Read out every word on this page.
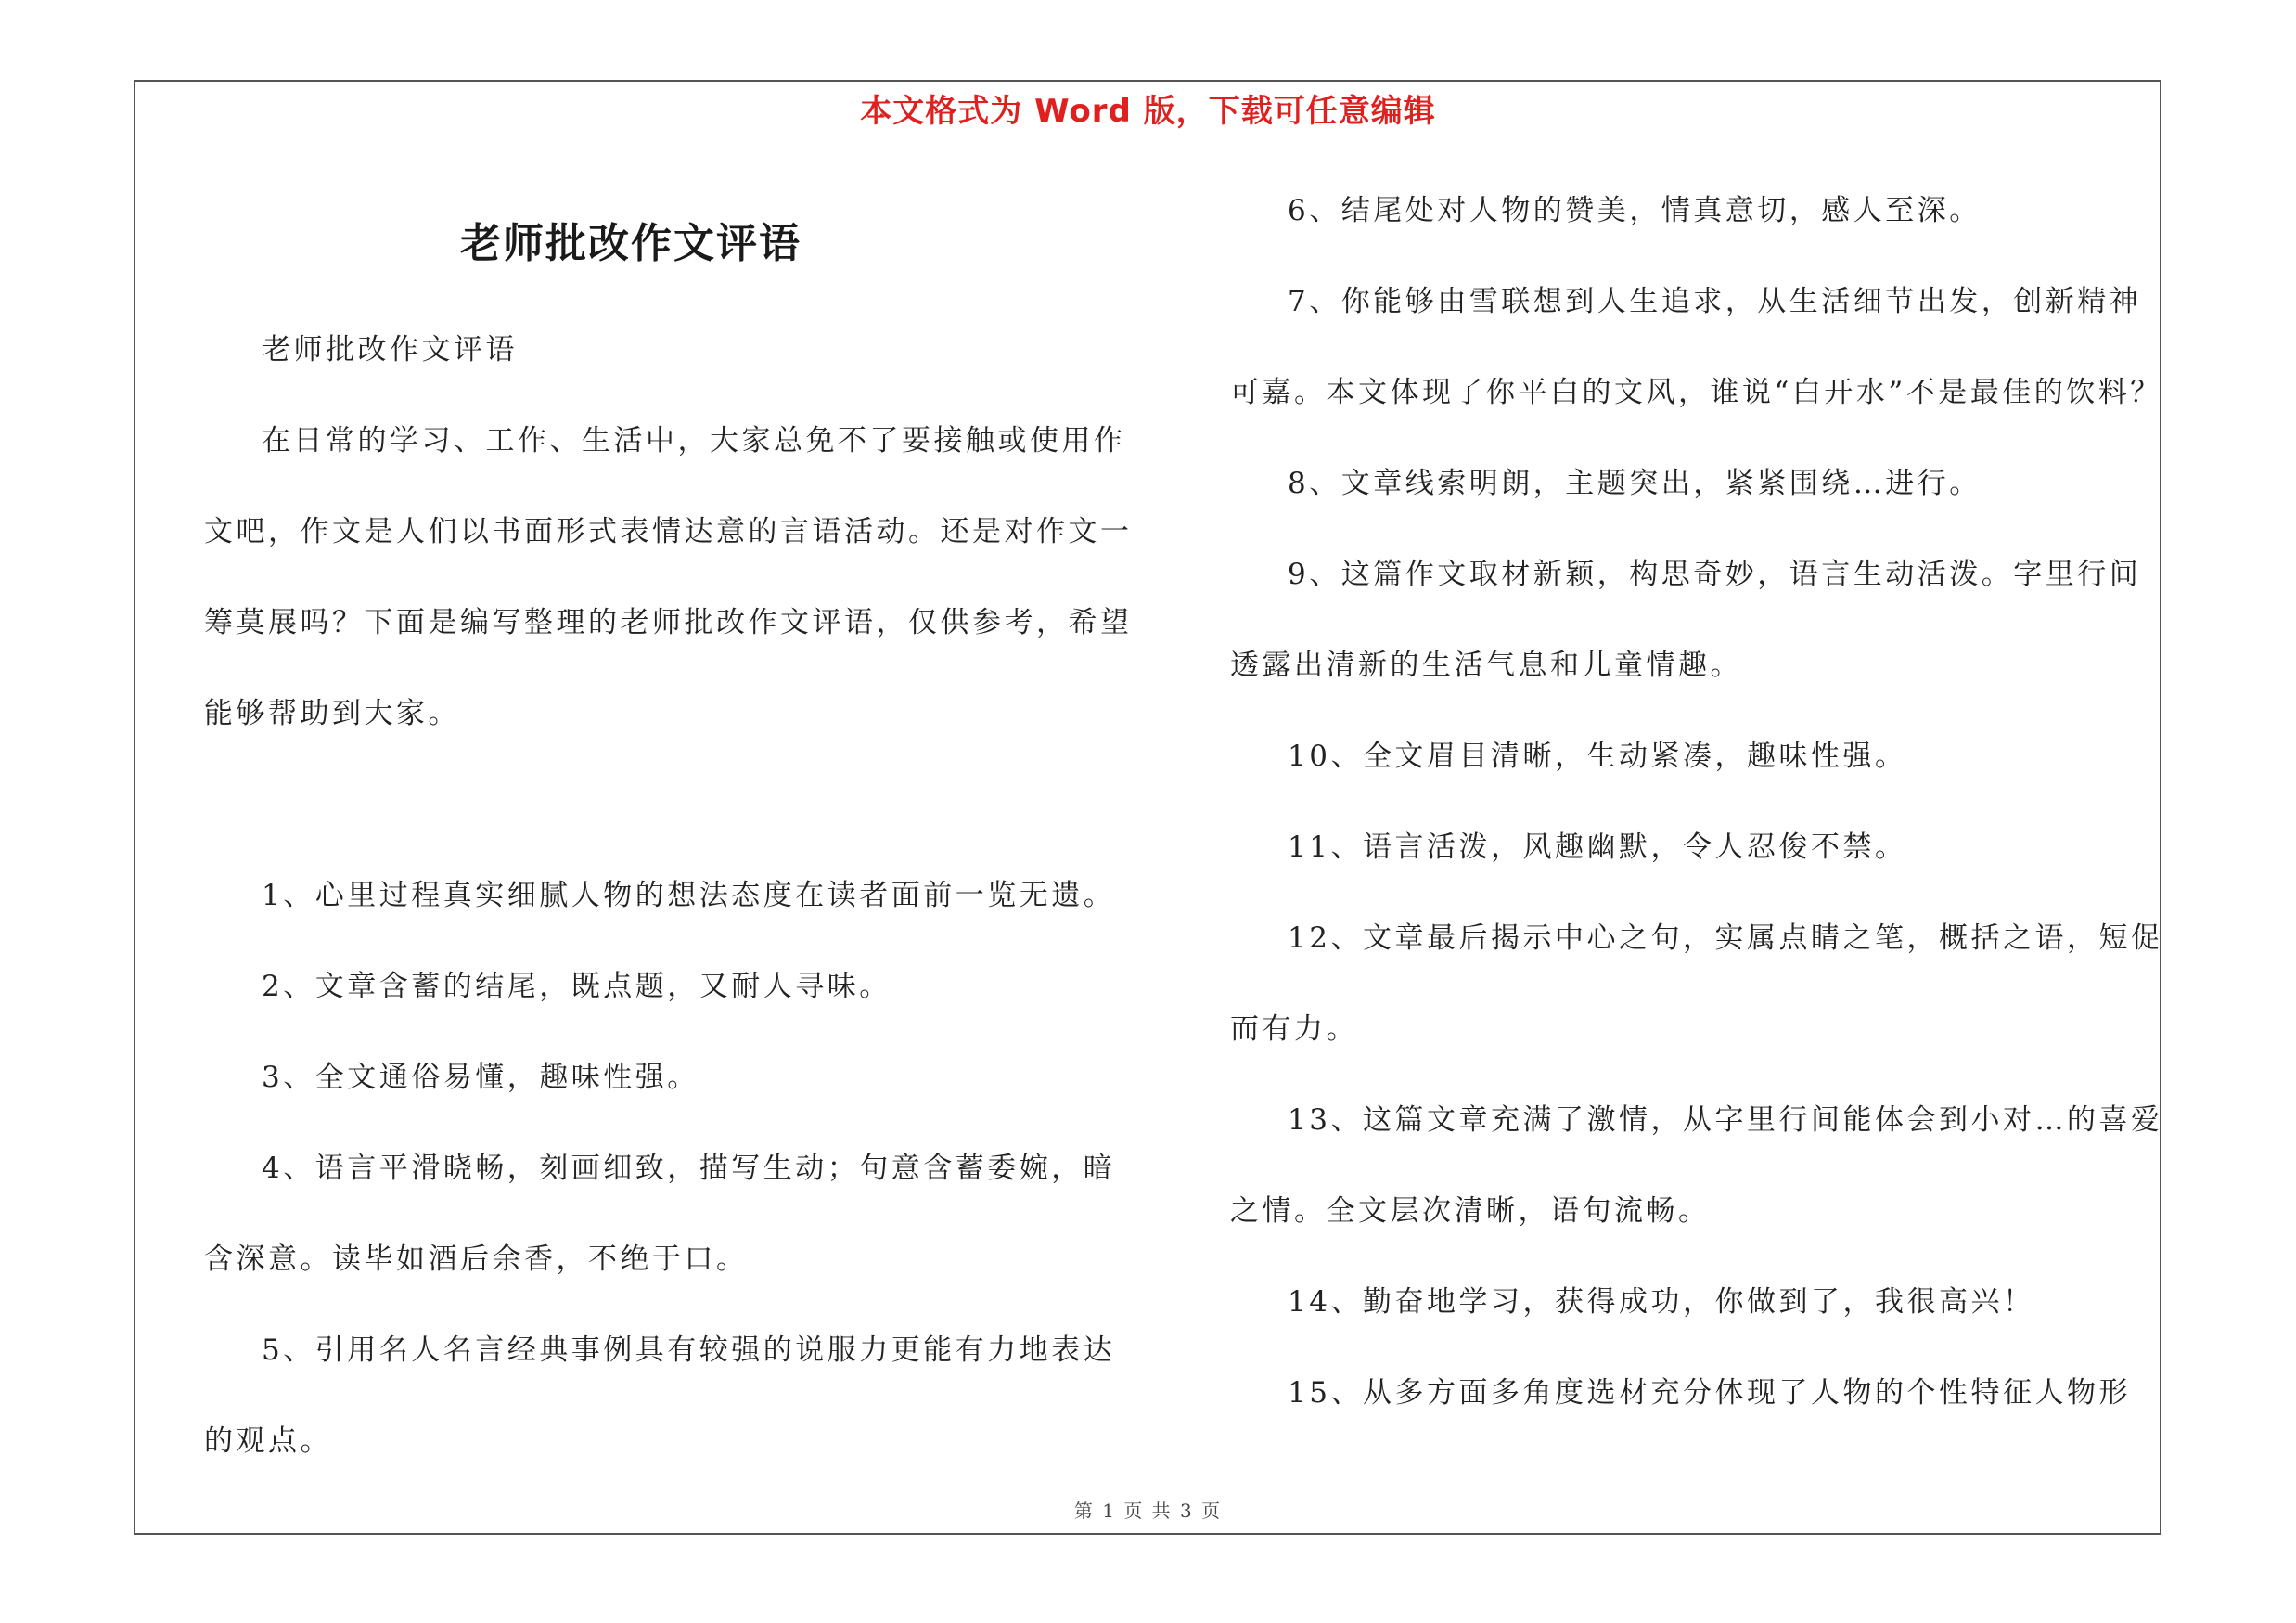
本文格式为 Word 版，下载可任意编辑
老师批改作文评语

老师批改作文评语

在日常的学习、工作、生活中，大家总免不了要接触或使用作文吧，作文是人们以书面形式表情达意的言语活动。还是对作文一筹莫展吗？下面是编写整理的老师批改作文评语，仅供参考，希望能够帮助到大家。

1、心里过程真实细腻人物的想法态度在读者面前一览无遗。

2、文章含蓄的结尾，既点题，又耐人寻味。

3、全文通俗易懂，趣味性强。

4、语言平滑晓畅，刻画细致，描写生动；句意含蓄委婉，暗含深意。读毕如酒后余香，不绝于口。

5、引用名人名言经典事例具有较强的说服力更能有力地表达的观点。

6、结尾处对人物的赞美，情真意切，感人至深。

7、你能够由雪联想到人生追求，从生活细节出发，创新精神可嘉。本文体现了你平白的文风，谁说“白开水”不是最佳的饮料？

8、文章线索明朗，主题突出，紧紧围绕…进行。

9、这篇作文取材新颖，构思奇妙，语言生动活泼。字里行间透露出清新的生活气息和儿童情趣。

10、全文眉目清晰，生动紧凑，趣味性强。

11、语言活泼，风趣幽默，令人忍俊不禁。

12、文章最后揭示中心之句，实属点睛之笔，概括之语，短促而有力。

13、这篇文章充满了激情，从字里行间能体会到小对…的喜爱之情。全文层次清晰，语句流畅。

14、勤奋地学习，获得成功，你做到了，我很高兴！

15、从多方面多角度选材充分体现了人物的个性特征人物形

第 1 页 共 3 页
